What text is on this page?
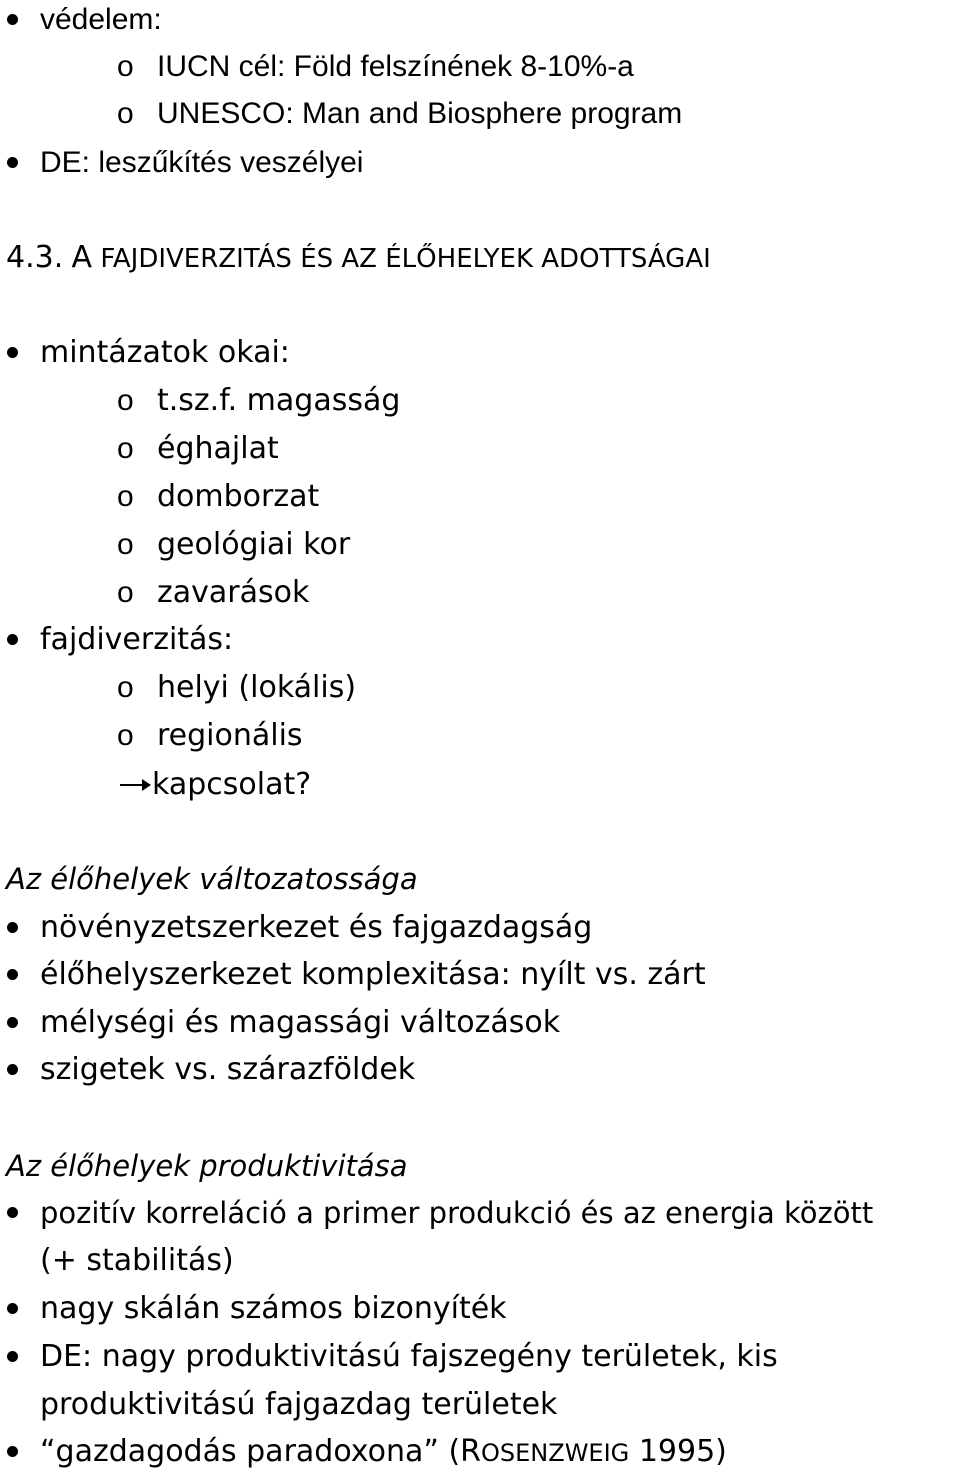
védelem:
o IUCN cél: Föld felszínének 8-10%-a
o UNESCO: Man and Biosphere program
DE: leszűkítés veszélyei
4.3. A FAJDIVERZITÁS ÉS AZ ÉLŐHELYEK ADOTTSÁGAI
mintázatok okai:
o t.sz.f. magasság
o éghajlat
o domborzat
o geológiai kor
o zavarások
fajdiverzitás:
o helyi (lokális)
o regionális
kapcsolat?
Az élőhelyek változatossága
növényzetszerkezet és fajgazdagság
élőhelyszerkezet komplexitása: nyílt vs. zárt
mélységi és magassági változások
szigetek vs. szárazföldek
Az élőhelyek produktivitása
pozitív korreláció a primer produkció és az energia között
(+ stabilitás)
nagy skálán számos bizonyíték
DE: nagy produktivitású fajszegény területek, kis
produktivitású fajgazdag területek
“gazdagodás paradoxona” (ROSENZWEIG 1995)
